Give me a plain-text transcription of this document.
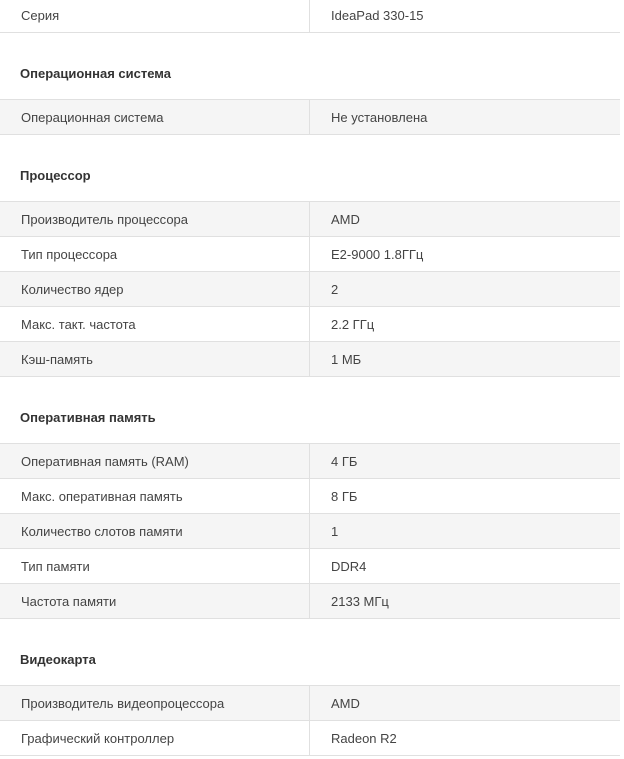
Серия	IdeaPad 330-15
Операционная система
Операционная система	Не установлена
Процессор
Производитель процессора	AMD
Тип процессора	E2-9000 1.8ГГц
Количество ядер	2
Макс. такт. частота	2.2 ГГц
Кэш-память	1 МБ
Оперативная память
Оперативная память (RAM)	4 ГБ
Макс. оперативная память	8 ГБ
Количество слотов памяти	1
Тип памяти	DDR4
Частота памяти	2133 МГц
Видеокарта
Производитель видеопроцессора	AMD
Графический контроллер	Radeon R2
